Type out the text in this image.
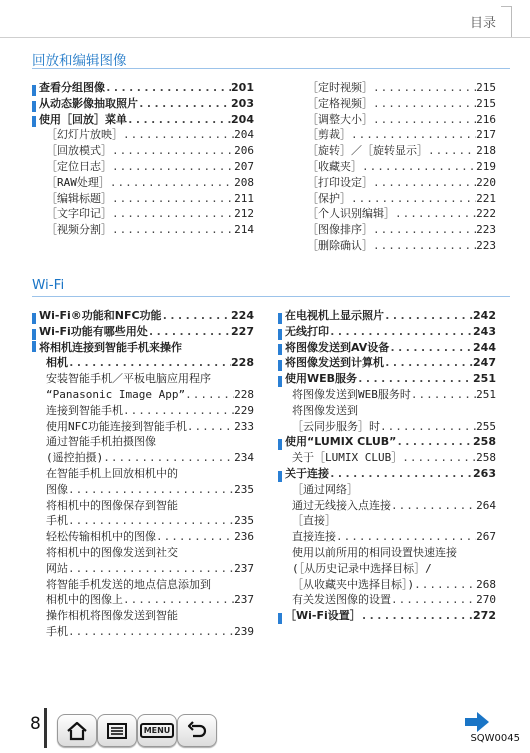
目录
回放和编辑图像
查看分组图像 .....	201
从动态影像抽取照片 .....	203
使用［回放］菜单 .....	204
［幻灯片放映］ .....	204
［回放模式］ .....	206
［定位日志］ .....	207
［RAW处理］ .....	208
［编辑标题］ .....	211
［文字印记］ .....	212
［视频分割］ .....	214
［定时视频］ .....	215
［定格视频］ .....	215
［调整大小］ .....	216
［剪裁］ .....	217
［旋转］／［旋转显示］ .....	218
［收藏夹］ .....	219
［打印设定］ .....	220
［保护］ .....	221
［个人识别编辑］ .....	222
［图像排序］ .....	223
［删除确认］ .....	223
Wi-Fi
Wi-Fi®功能和NFC功能 .....	224
Wi-Fi功能有哪些用处 .....	227
将相机连接到智能手机来操作
相机 .....	228
安装智能手机／平板电脑应用程序
“Panasonic Image App” .....	228
连接到智能手机 .....	229
使用NFC功能连接到智能手机 .....	233
通过智能手机拍摄图像
(遥控拍摄) .....	234
在智能手机上回放相机中的
图像 .....	235
将相机中的图像保存到智能
手机 .....	235
轻松传输相机中的图像 .....	236
将相机中的图像发送到社交
网站 .....	237
将智能手机发送的地点信息添加到
相机中的图像上 .....	237
操作相机将图像发送到智能
手机 .....	239
在电视机上显示照片 .....	242
无线打印 .....	243
将图像发送到AV设备 .....	244
将图像发送到计算机 .....	247
使用WEB服务 .....	251
将图像发送到WEB服务时 .....	251
将图像发送到
［云同步服务］时 .....	255
使用“LUMIX CLUB” .....	258
关于［LUMIX CLUB］ .....	258
关于连接 .....	263
［通过网络］
通过无线接入点连接 .....	264
［直接］
直接连接 .....	267
使用以前所用的相同设置快速连接
(［从历史记录中选择目标］/
［从收藏夹中选择目标］) .....	268
有关发送图像的设置 .....	270
［Wi-Fi设置］ .....	272
8	MENU
SQW0045
